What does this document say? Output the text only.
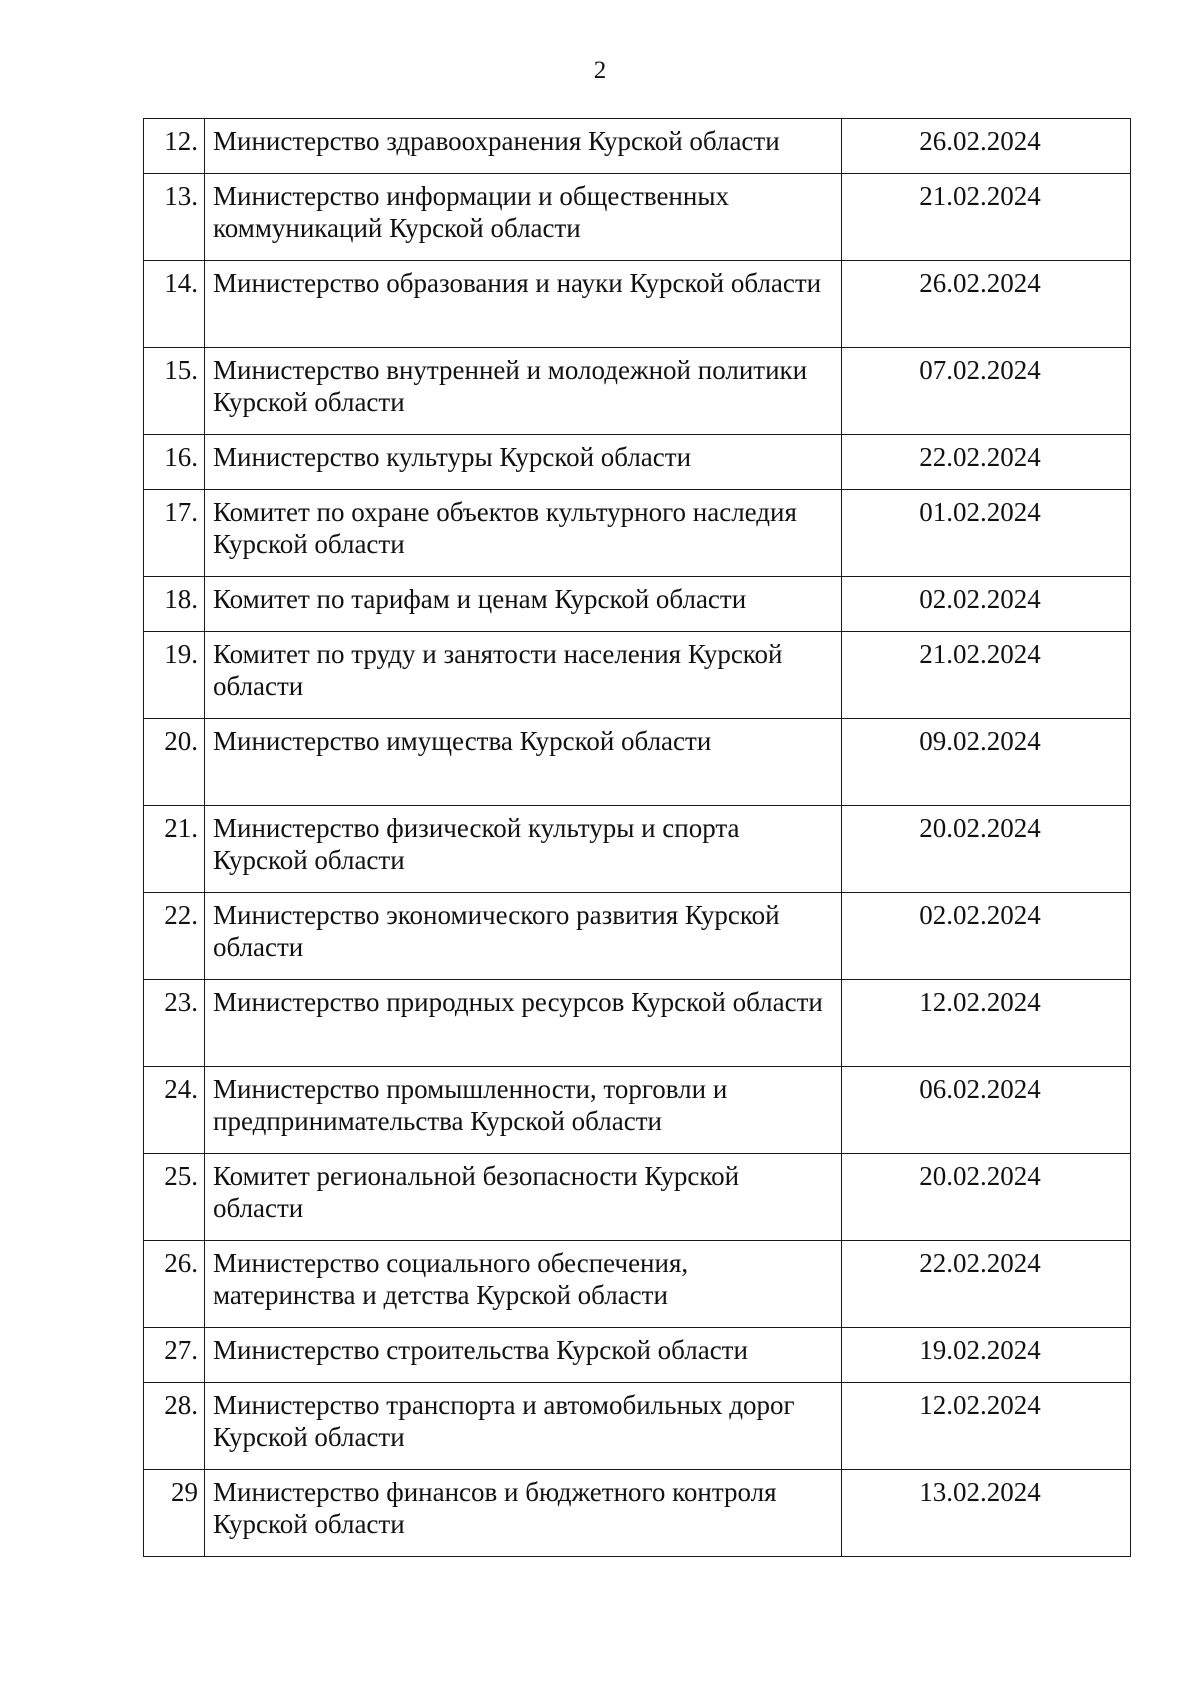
2
12.	Министерство здравоохранения Курской области	26.02.2024
13.	Министерство информации и общественных коммуникаций Курской области	21.02.2024
14.	Министерство образования и науки Курской области	26.02.2024
15.	Министерство внутренней и молодежной политики Курской области	07.02.2024
16.	Министерство культуры Курской области	22.02.2024
17.	Комитет по охране объектов культурного наследия Курской области	01.02.2024
18.	Комитет по тарифам и ценам Курской области	02.02.2024
19.	Комитет по труду и занятости населения Курской области	21.02.2024
20.	Министерство имущества Курской области	09.02.2024
21.	Министерство физической культуры и спорта Курской области	20.02.2024
22.	Министерство экономического развития Курской области	02.02.2024
23.	Министерство природных ресурсов Курской области	12.02.2024
24.	Министерство промышленности, торговли и предпринимательства Курской области	06.02.2024
25.	Комитет региональной безопасности Курской области	20.02.2024
26.	Министерство социального обеспечения, материнства и детства Курской области	22.02.2024
27.	Министерство строительства Курской области	19.02.2024
28.	Министерство транспорта и автомобильных дорог Курской области	12.02.2024
29	Министерство финансов и бюджетного контроля Курской области	13.02.2024
